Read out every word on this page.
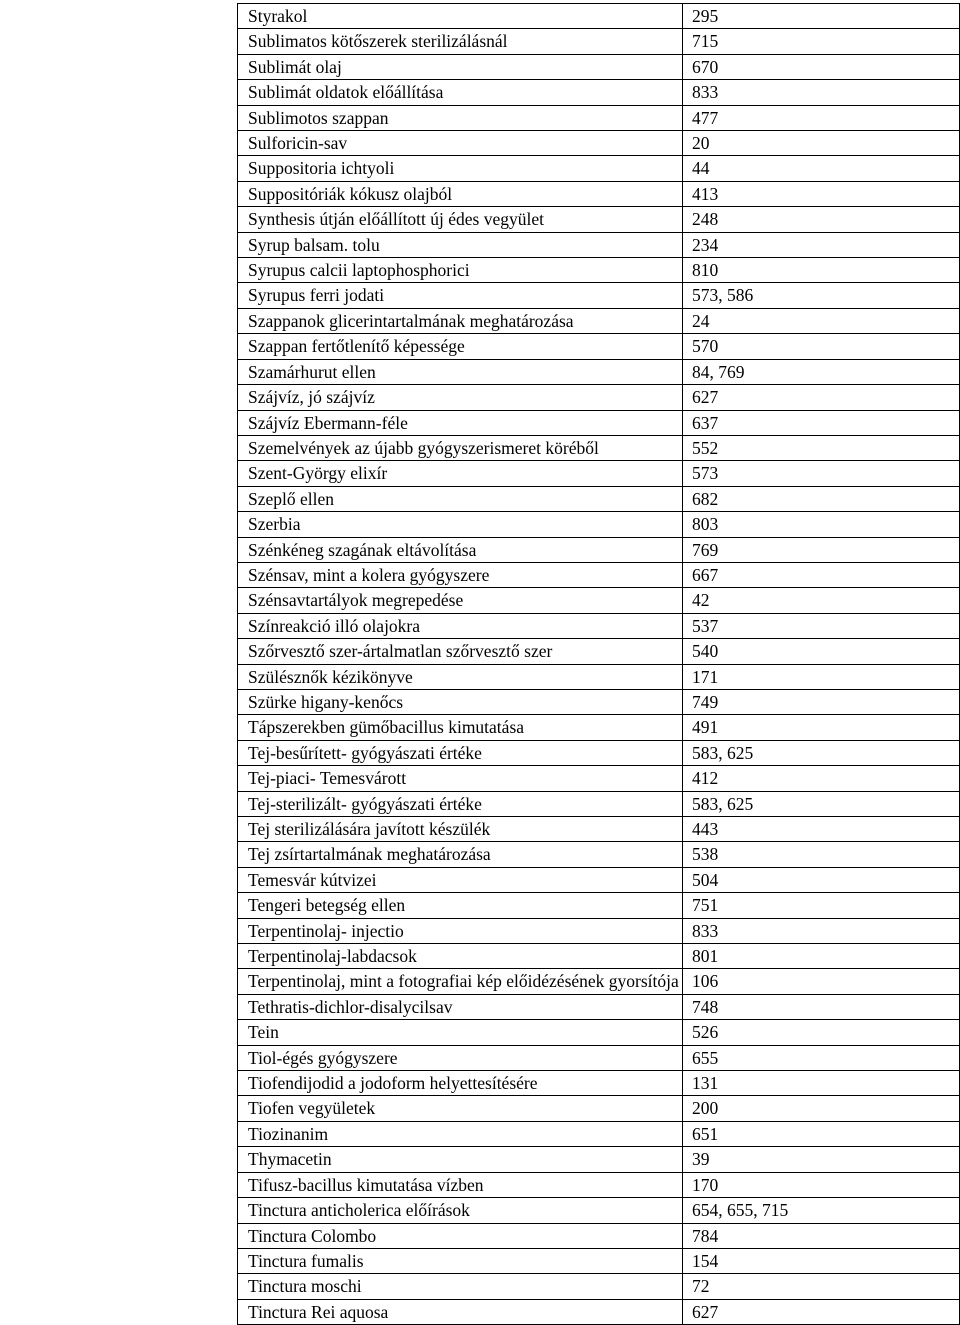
Styrakol	295
Sublimatos kötőszerek sterilizálásnál	715
Sublimát olaj	670
Sublimát oldatok előállítása	833
Sublimotos szappan	477
Sulforicin-sav	20
Suppositoria ichtyoli	44
Suppositóriák kókusz olajból	413
Synthesis útján előállított új édes vegyület	248
Syrup balsam. tolu	234
Syrupus calcii laptophosphorici	810
Syrupus ferri jodati	573, 586
Szappanok glicerintartalmának meghatározása	24
Szappan fertőtlenítő képessége	570
Szamárhurut ellen	84, 769
Szájvíz, jó szájvíz	627
Szájvíz Ebermann-féle	637
Szemelvények az újabb gyógyszerismeret köréből	552
Szent-György elixír	573
Szeplő ellen	682
Szerbia	803
Szénkéneg szagának eltávolítása	769
Szénsav, mint a kolera gyógyszere	667
Szénsavtartályok megrepedése	42
Színreakció illó olajokra	537
Szőrvesztő szer-ártalmatlan szőrvesztő szer	540
Szülésznők kézikönyve	171
Szürke higany-kenőcs	749
Tápszerekben gümőbacillus kimutatása	491
Tej-besűrített- gyógyászati értéke	583, 625
Tej-piaci- Temesvárott	412
Tej-sterilizált- gyógyászati értéke	583, 625
Tej sterilizálására javított készülék	443
Tej zsírtartalmának meghatározása	538
Temesvár kútvizei	504
Tengeri betegség ellen	751
Terpentinolaj- injectio	833
Terpentinolaj-labdacsok	801
Terpentinolaj, mint a fotografiai kép előidézésének gyorsítója	106
Tethratis-dichlor-disalycilsav	748
Tein	526
Tiol-égés gyógyszere	655
Tiofendijodid a jodoform helyettesítésére	131
Tiofen vegyületek	200
Tiozinanim	651
Thymacetin	39
Tifusz-bacillus kimutatása vízben	170
Tinctura anticholerica előírások	654, 655, 715
Tinctura Colombo	784
Tinctura fumalis	154
Tinctura moschi	72
Tinctura Rei aquosa	627
